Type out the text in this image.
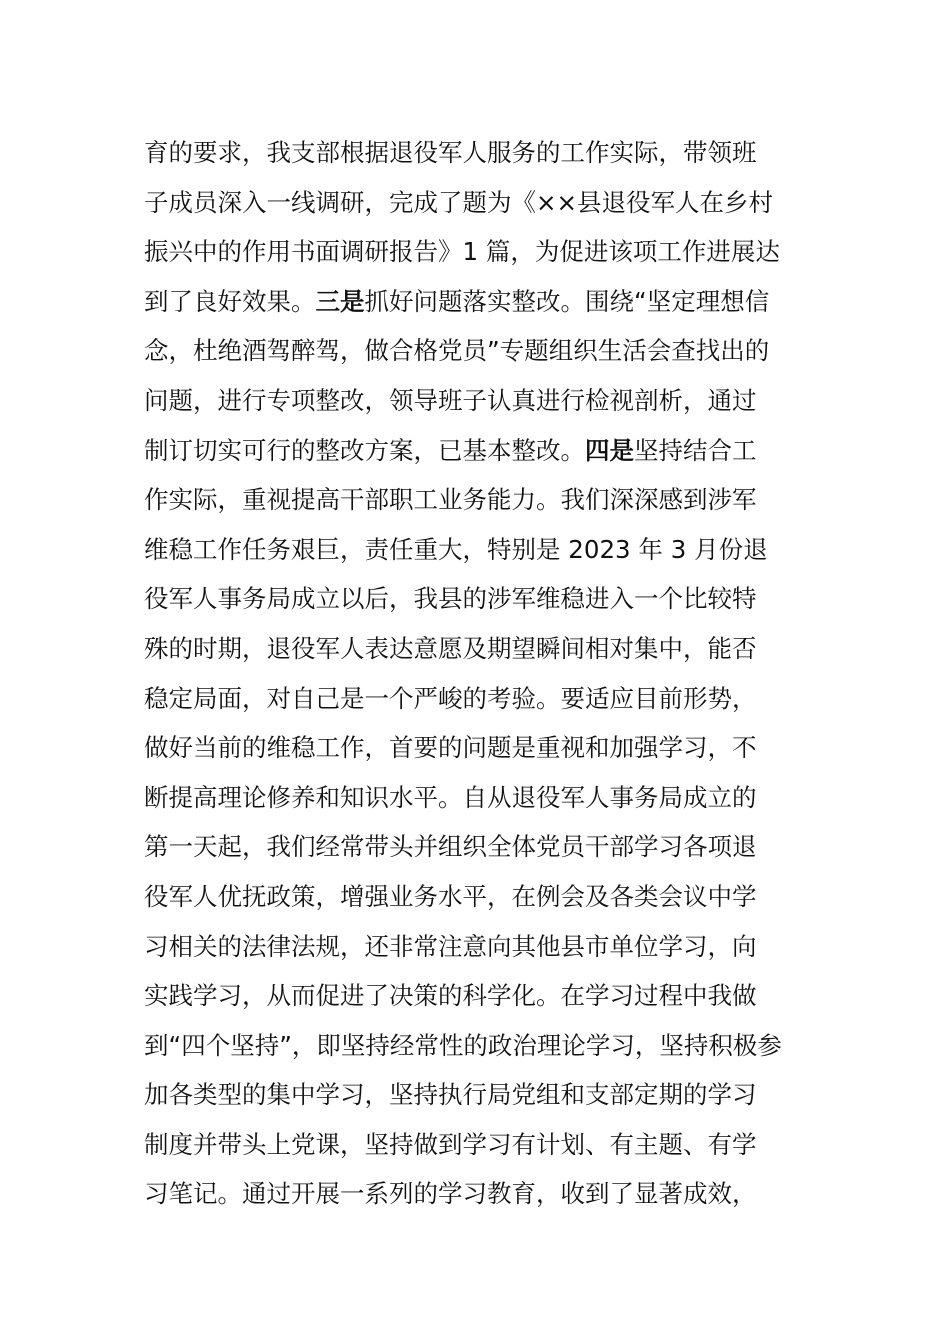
育的要求，我支部根据退役军人服务的工作实际，带领班
子成员深入一线调研，完成了题为《××县退役军人在乡村
振兴中的作用书面调研报告》1 篇，为促进该项工作进展达
到了良好效果。三是抓好问题落实整改。围绕“坚定理想信
念，杜绝酒驾醉驾，做合格党员”专题组织生活会查找出的
问题，进行专项整改，领导班子认真进行检视剖析，通过
制订切实可行的整改方案，已基本整改。四是坚持结合工
作实际，重视提高干部职工业务能力。我们深深感到涉军
维稳工作任务艰巨，责任重大，特别是 2023 年 3 月份退
役军人事务局成立以后，我县的涉军维稳进入一个比较特
殊的时期，退役军人表达意愿及期望瞬间相对集中，能否
稳定局面，对自己是一个严峻的考验。要适应目前形势，
做好当前的维稳工作，首要的问题是重视和加强学习，不
断提高理论修养和知识水平。自从退役军人事务局成立的
第一天起，我们经常带头并组织全体党员干部学习各项退
役军人优抚政策，增强业务水平，在例会及各类会议中学
习相关的法律法规，还非常注意向其他县市单位学习，向
实践学习，从而促进了决策的科学化。在学习过程中我做
到“四个坚持”，即坚持经常性的政治理论学习，坚持积极参
加各类型的集中学习，坚持执行局党组和支部定期的学习
制度并带头上党课，坚持做到学习有计划、有主题、有学
习笔记。通过开展一系列的学习教育，收到了显著成效，
